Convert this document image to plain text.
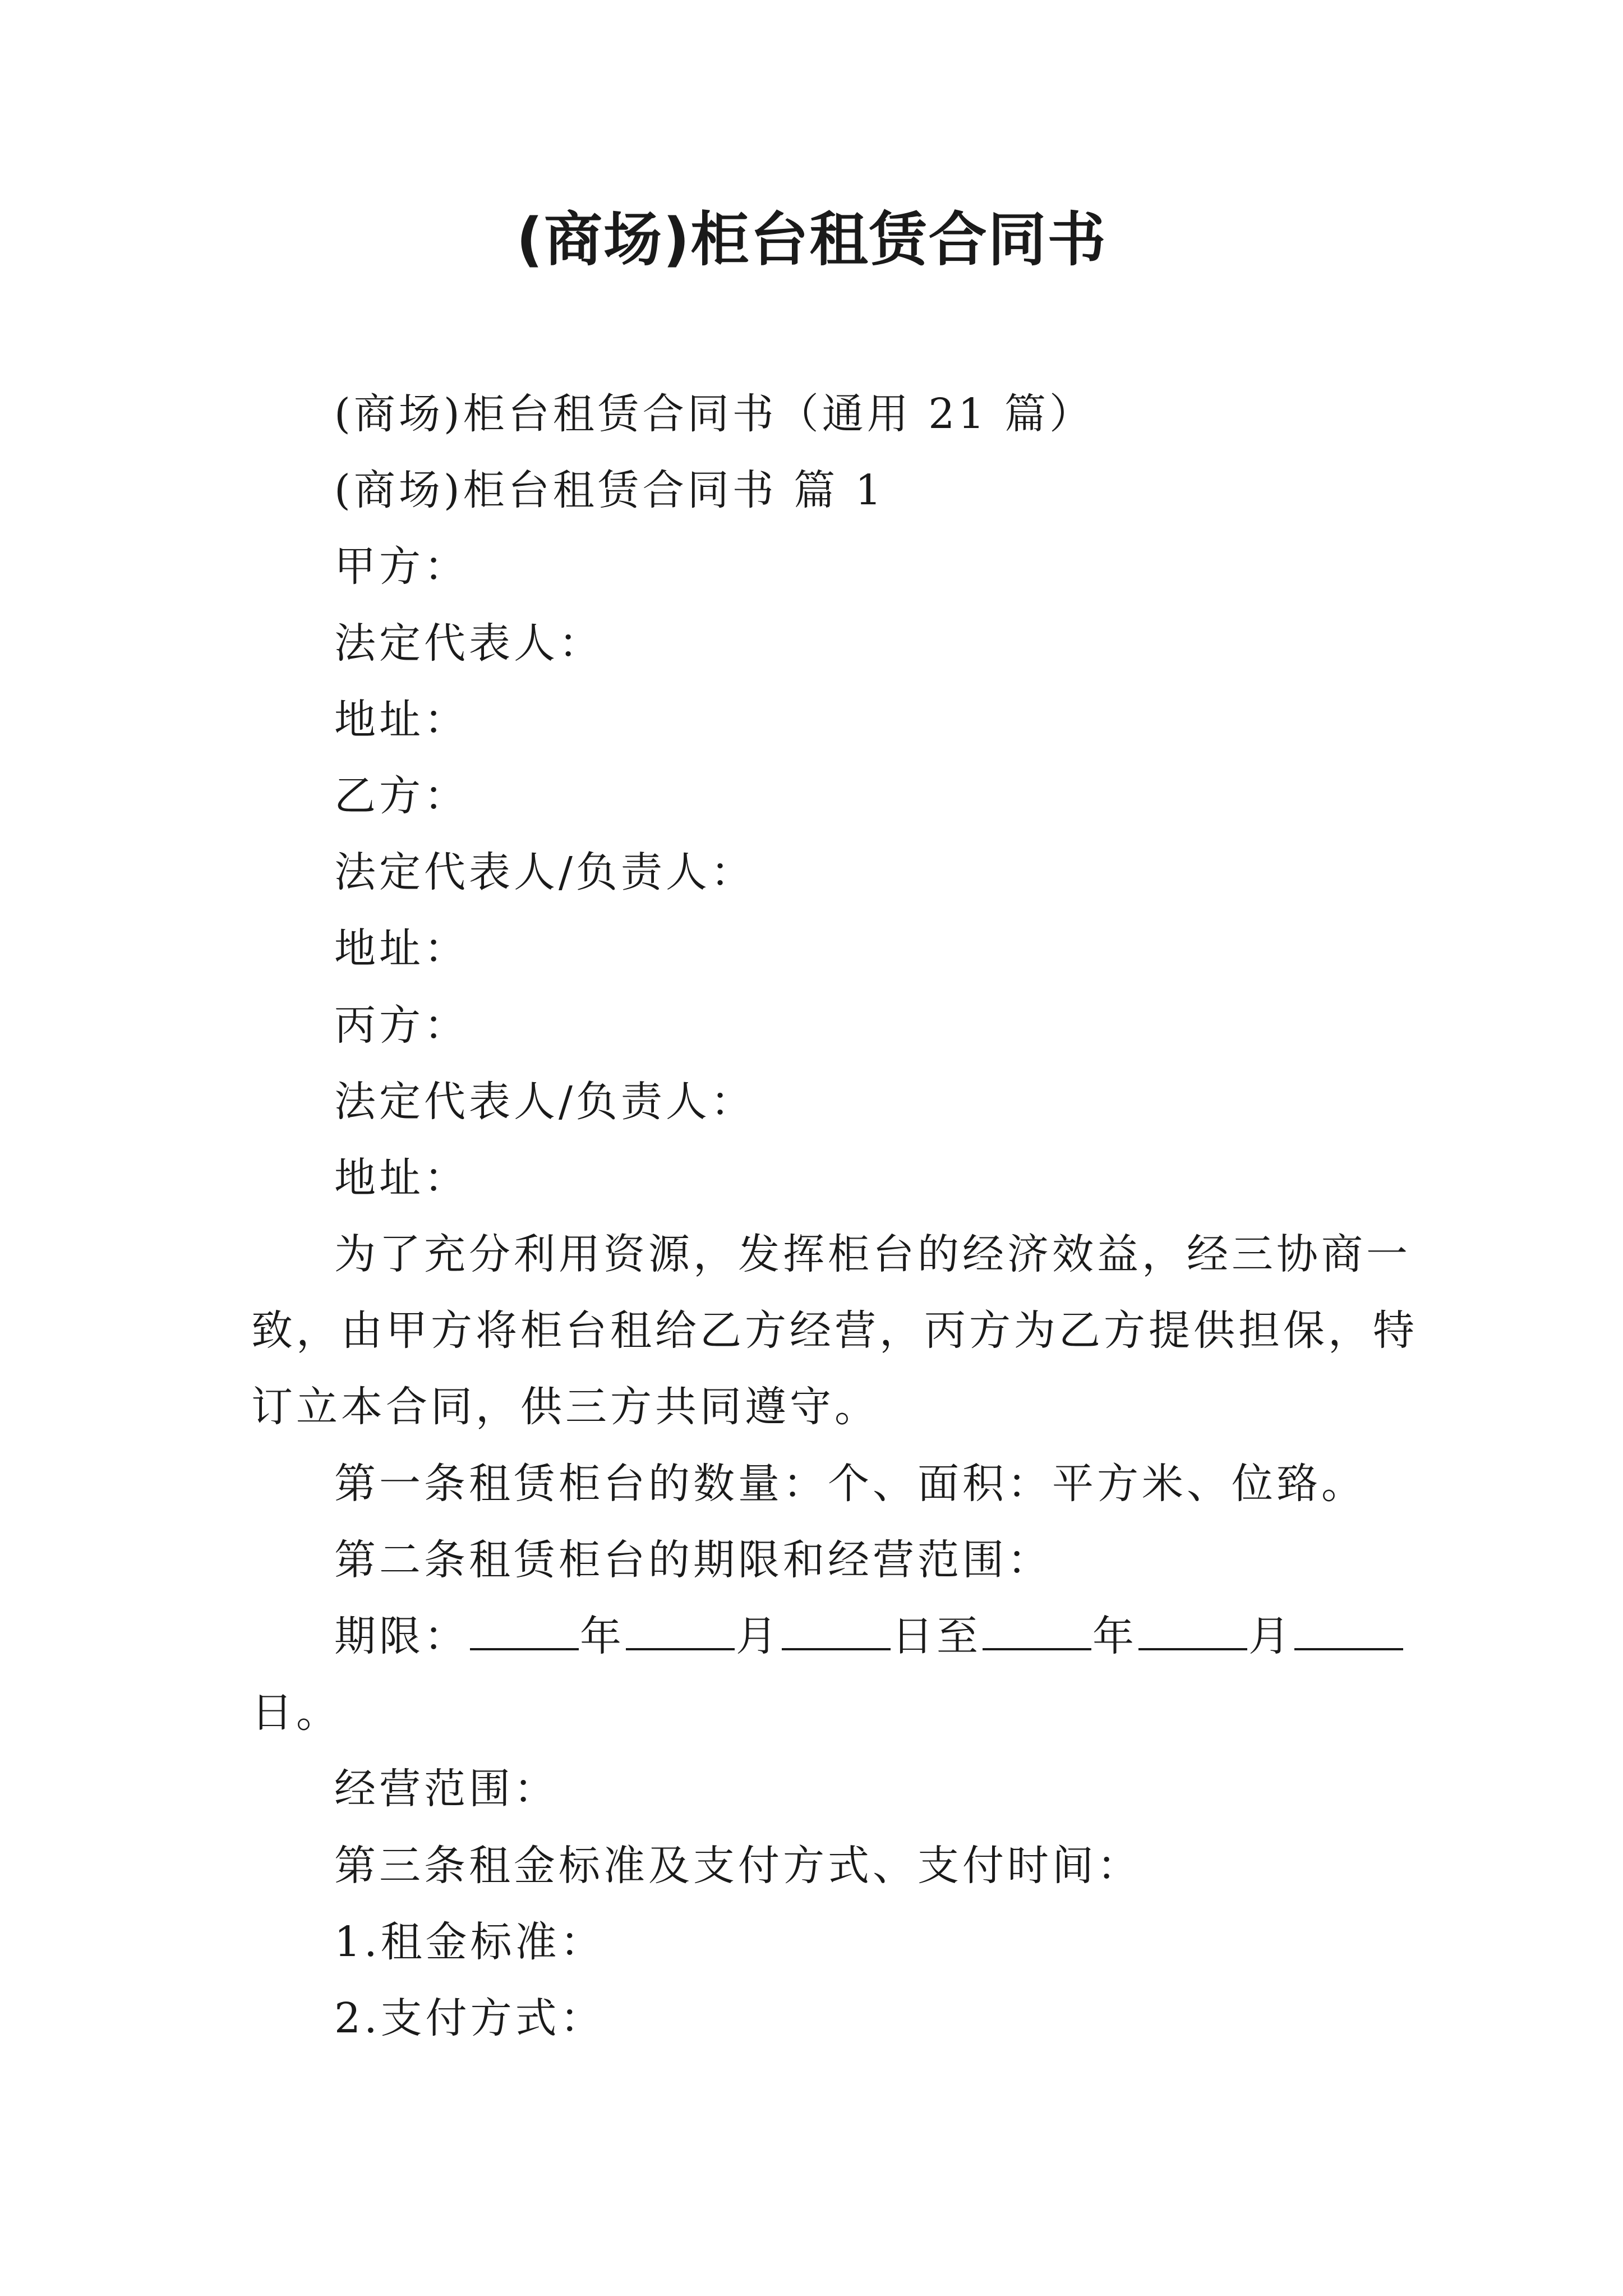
(商场)柜台租赁合同书
(商场)柜台租赁合同书（通用 21 篇）
(商场)柜台租赁合同书 篇 1
甲方：
法定代表人：
地址：
乙方：
法定代表人/负责人：
地址：
丙方：
法定代表人/负责人：
地址：
为了充分利用资源，发挥柜台的经济效益，经三协商一
致，由甲方将柜台租给乙方经营，丙方为乙方提供担保，特
订立本合同，供三方共同遵守。
第一条租赁柜台的数量：个、面积：平方米、位臵。
第二条租赁柜台的期限和经营范围：
期限：	年	月	日至	年	月
日。
经营范围：
第三条租金标准及支付方式、支付时间：
1.租金标准：
2.支付方式：
